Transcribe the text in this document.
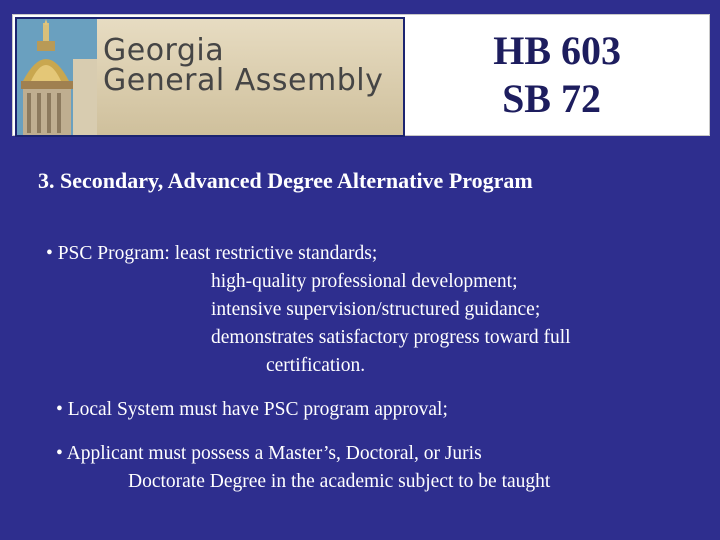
Georgia
General Assembly
HB 603
SB 72
3. Secondary, Advanced Degree Alternative Program
• PSC Program: least restrictive standards;
high-quality professional development;
intensive supervision/structured guidance;
demonstrates satisfactory progress toward full
certification.
• Local System must have PSC program approval;
• Applicant must possess a Master’s, Doctoral, or Juris
Doctorate Degree in the academic subject to be taught
